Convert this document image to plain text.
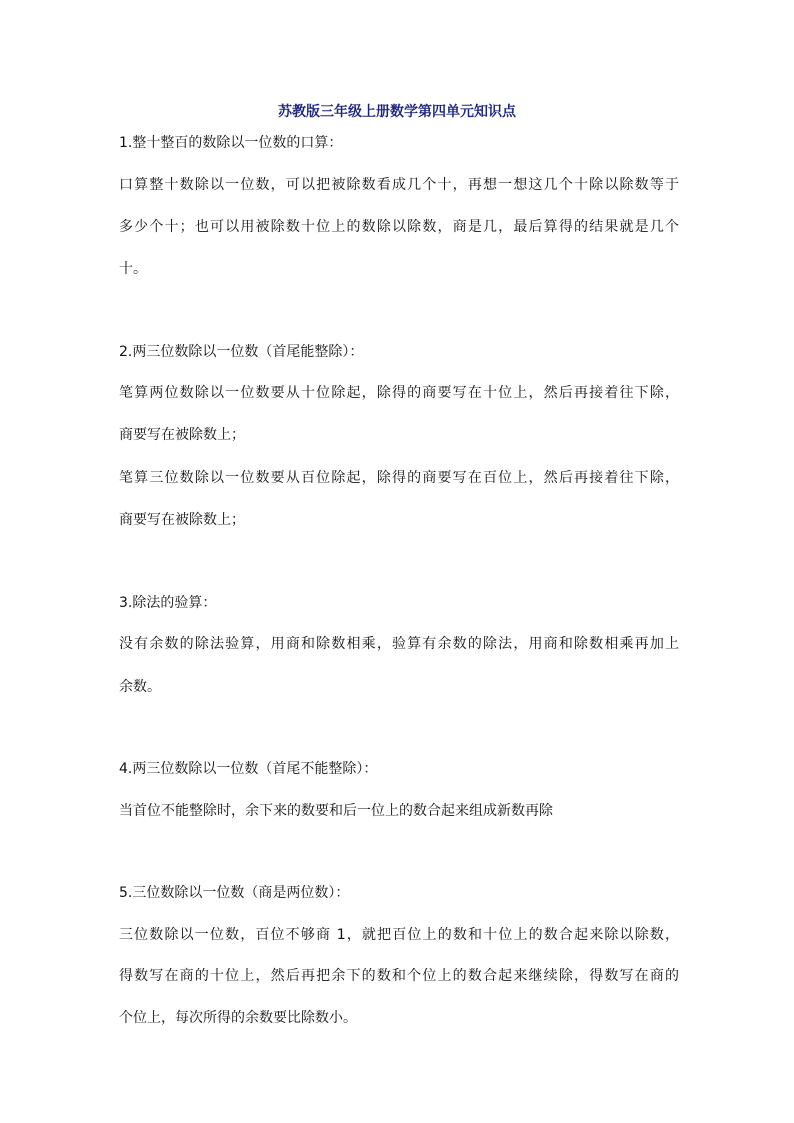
苏教版三年级上册数学第四单元知识点
1.整十整百的数除以一位数的口算：
口算整十数除以一位数，可以把被除数看成几个十，再想一想这几个十除以除数等于
多少个十；也可以用被除数十位上的数除以除数，商是几，最后算得的结果就是几个
十。
2.两三位数除以一位数（首尾能整除）：
笔算两位数除以一位数要从十位除起，除得的商要写在十位上，然后再接着往下除，
商要写在被除数上；
笔算三位数除以一位数要从百位除起，除得的商要写在百位上，然后再接着往下除，
商要写在被除数上；
3.除法的验算：
没有余数的除法验算，用商和除数相乘，验算有余数的除法，用商和除数相乘再加上
余数。
4.两三位数除以一位数（首尾不能整除）：
当首位不能整除时，余下来的数要和后一位上的数合起来组成新数再除
5.三位数除以一位数（商是两位数）：
三位数除以一位数，百位不够商 1，就把百位上的数和十位上的数合起来除以除数，
得数写在商的十位上，然后再把余下的数和个位上的数合起来继续除，得数写在商的
个位上，每次所得的余数要比除数小。
